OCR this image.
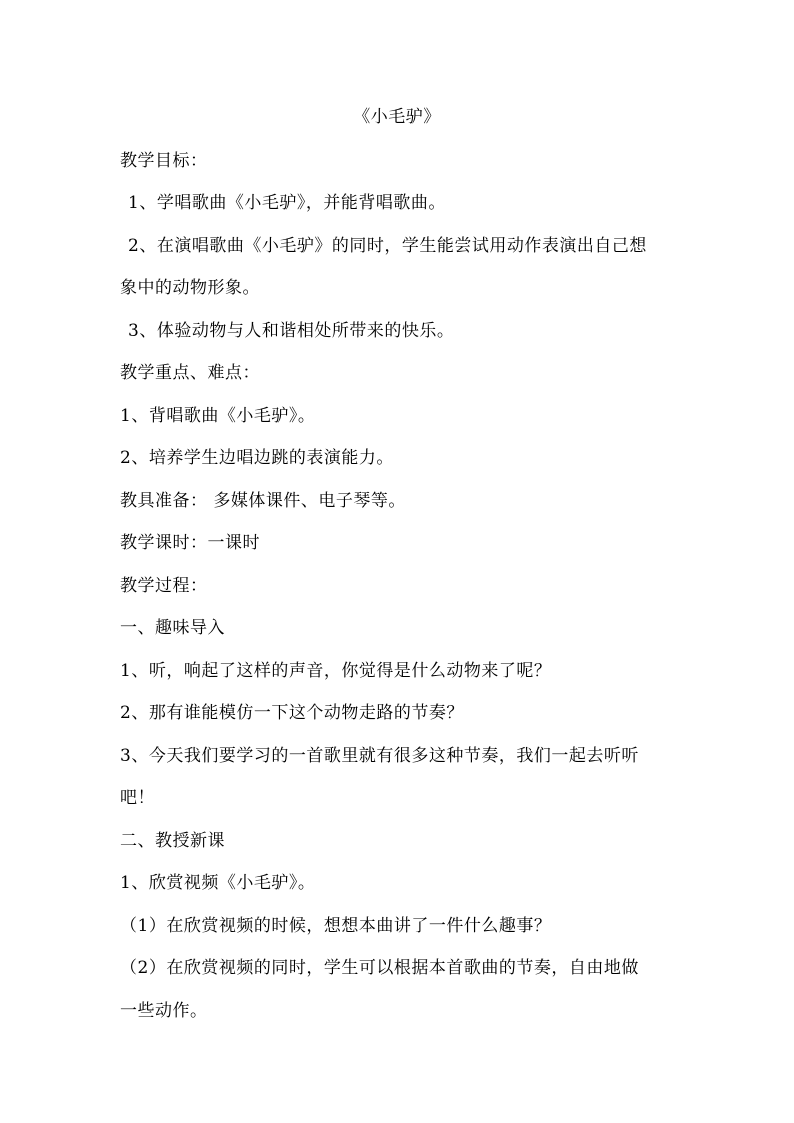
《小毛驴》
教学目标：
1、学唱歌曲《小毛驴》，并能背唱歌曲。
2、在演唱歌曲《小毛驴》的同时，学生能尝试用动作表演出自己想
象中的动物形象。
3、体验动物与人和谐相处所带来的快乐。
教学重点、难点：
1、背唱歌曲《小毛驴》。
2、培养学生边唱边跳的表演能力。
教具准备： 多媒体课件、电子琴等。
教学课时：一课时
教学过程：
一、趣味导入
1、听，响起了这样的声音，你觉得是什么动物来了呢？
2、那有谁能模仿一下这个动物走路的节奏？
3、今天我们要学习的一首歌里就有很多这种节奏，我们一起去听听
吧！
二、教授新课
1、欣赏视频《小毛驴》。
（1）在欣赏视频的时候，想想本曲讲了一件什么趣事？
（2）在欣赏视频的同时，学生可以根据本首歌曲的节奏，自由地做
一些动作。
